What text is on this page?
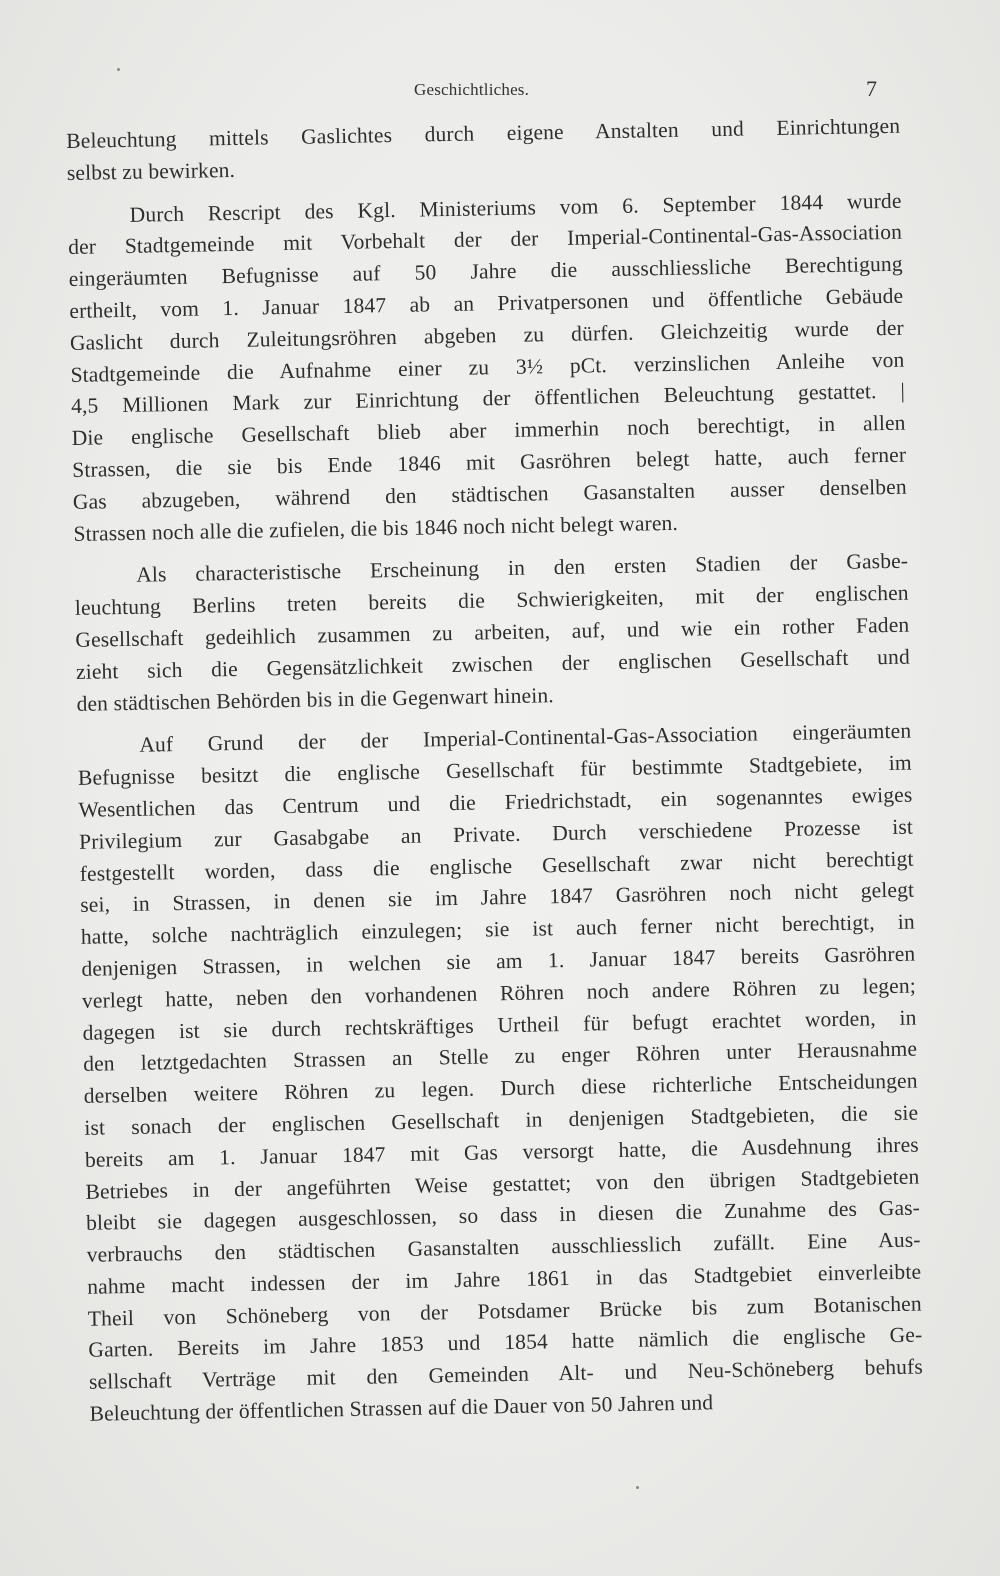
Geschichtliches.	7
Beleuchtung mittels Gaslichtes durch eigene Anstalten und Einrichtungen
selbst zu bewirken.
Durch Rescript des Kgl. Ministeriums vom 6. September 1844 wurde
der Stadtgemeinde mit Vorbehalt der der Imperial-Continental-Gas-Association
eingeräumten Befugnisse auf 50 Jahre die ausschliessliche Berechtigung
ertheilt, vom 1. Januar 1847 ab an Privatpersonen und öffentliche Gebäude
Gaslicht durch Zuleitungsröhren abgeben zu dürfen. Gleichzeitig wurde der
Stadtgemeinde die Aufnahme einer zu 3½ pCt. verzinslichen Anleihe von
4,5 Millionen Mark zur Einrichtung der öffentlichen Beleuchtung gestattet. |
Die englische Gesellschaft blieb aber immerhin noch berechtigt, in allen
Strassen, die sie bis Ende 1846 mit Gasröhren belegt hatte, auch ferner
Gas abzugeben, während den städtischen Gasanstalten ausser denselben
Strassen noch alle die zufielen, die bis 1846 noch nicht belegt waren.
Als characteristische Erscheinung in den ersten Stadien der Gasbe-
leuchtung Berlins treten bereits die Schwierigkeiten, mit der englischen
Gesellschaft gedeihlich zusammen zu arbeiten, auf, und wie ein rother Faden
zieht sich die Gegensätzlichkeit zwischen der englischen Gesellschaft und
den städtischen Behörden bis in die Gegenwart hinein.
Auf Grund der der Imperial-Continental-Gas-Association eingeräumten
Befugnisse besitzt die englische Gesellschaft für bestimmte Stadtgebiete, im
Wesentlichen das Centrum und die Friedrichstadt, ein sogenanntes ewiges
Privilegium zur Gasabgabe an Private. Durch verschiedene Prozesse ist
festgestellt worden, dass die englische Gesellschaft zwar nicht berechtigt
sei, in Strassen, in denen sie im Jahre 1847 Gasröhren noch nicht gelegt
hatte, solche nachträglich einzulegen; sie ist auch ferner nicht berechtigt, in
denjenigen Strassen, in welchen sie am 1. Januar 1847 bereits Gasröhren
verlegt hatte, neben den vorhandenen Röhren noch andere Röhren zu legen;
dagegen ist sie durch rechtskräftiges Urtheil für befugt erachtet worden, in
den letztgedachten Strassen an Stelle zu enger Röhren unter Herausnahme
derselben weitere Röhren zu legen. Durch diese richterliche Entscheidungen
ist sonach der englischen Gesellschaft in denjenigen Stadtgebieten, die sie
bereits am 1. Januar 1847 mit Gas versorgt hatte, die Ausdehnung ihres
Betriebes in der angeführten Weise gestattet; von den übrigen Stadtgebieten
bleibt sie dagegen ausgeschlossen, so dass in diesen die Zunahme des Gas-
verbrauchs den städtischen Gasanstalten ausschliesslich zufällt. Eine Aus-
nahme macht indessen der im Jahre 1861 in das Stadtgebiet einverleibte
Theil von Schöneberg von der Potsdamer Brücke bis zum Botanischen
Garten. Bereits im Jahre 1853 und 1854 hatte nämlich die englische Ge-
sellschaft Verträge mit den Gemeinden Alt- und Neu-Schöneberg behufs
Beleuchtung der öffentlichen Strassen auf die Dauer von 50 Jahren und
